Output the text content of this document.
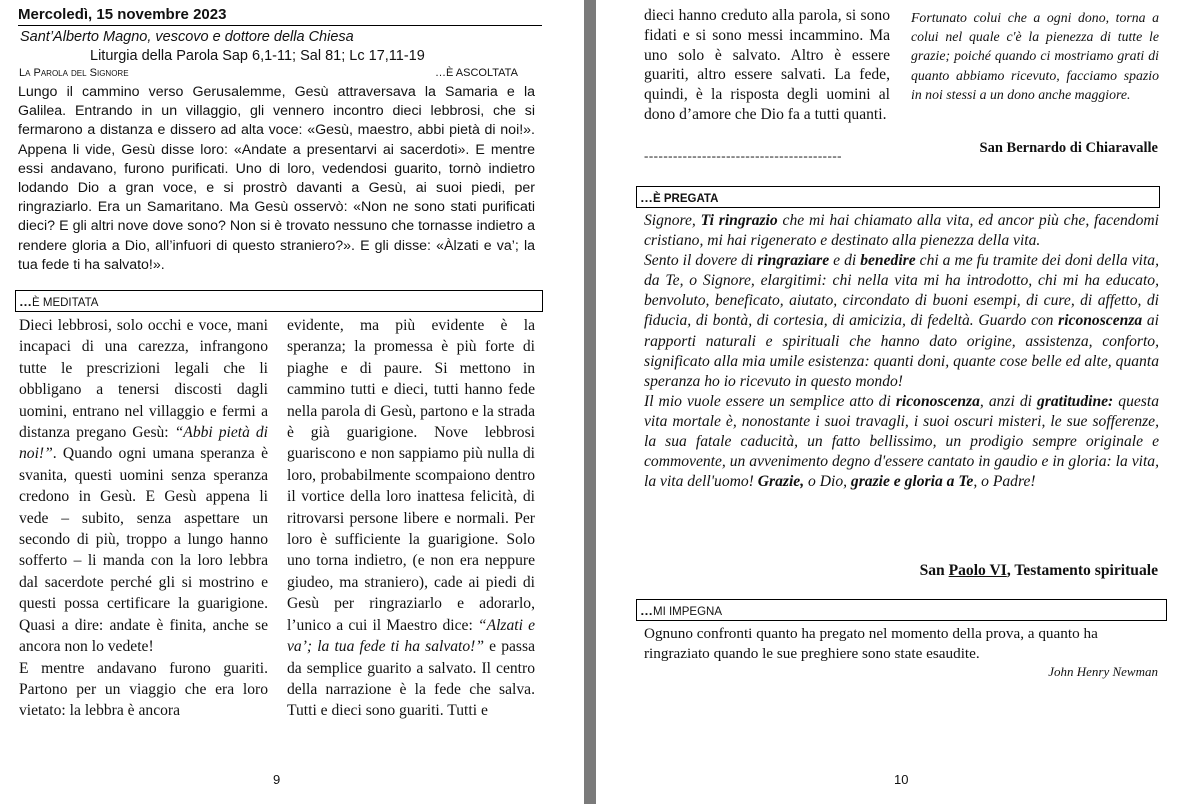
Mercoledì, 15 novembre 2023
Sant’Alberto Magno, vescovo e dottore della Chiesa
Liturgia della Parola Sap 6,1-11; Sal 81; Lc 17,11-19
La Parola del Signore	…È ASCOLTATA

Lungo il cammino verso Gerusalemme, Gesù attraversava la Samaria e la Galilea. Entrando in un villaggio, gli vennero incontro dieci lebbrosi, che si fermarono a distanza e dissero ad alta voce: «Gesù, maestro, abbi pietà di noi!». Appena li vide, Gesù disse loro: «Andate a presentarvi ai sacerdoti». E mentre essi andavano, furono purificati. Uno di loro, vedendosi guarito, tornò indietro lodando Dio a gran voce, e si prostrò davanti a Gesù, ai suoi piedi, per ringraziarlo. Era un Samaritano. Ma Gesù osservò: «Non ne sono stati purificati dieci? E gli altri nove dove sono? Non si è trovato nessuno che tornasse indietro a rendere gloria a Dio, all’infuori di questo straniero?». E gli disse: «Àlzati e va’; la tua fede ti ha salvato!».

…È MEDITATA

Dieci lebbrosi, solo occhi e voce, mani incapaci di una carezza, infrangono tutte le prescrizioni legali che li obbligano a tenersi discosti dagli uomini, entrano nel villaggio e fermi a distanza pregano Gesù: “Abbi pietà di noi!”. Quando ogni umana speranza è svanita, questi uomini senza speranza credono in Gesù. E Gesù appena li vede – subito, senza aspettare un secondo di più, troppo a lungo hanno sofferto – li manda con la loro lebbra dal sacerdote perché gli si mostrino e questi possa certificare la guarigione. Quasi a dire: andate è finita, anche se ancora non lo vedete!

E mentre andavano furono guariti. Partono per un viaggio che era loro vietato: la lebbra è ancora

evidente, ma più evidente è la speranza; la promessa è più forte di piaghe e di paure. Si mettono in cammino tutti e dieci, tutti hanno fede nella parola di Gesù, partono e la strada è già guarigione. Nove lebbrosi guariscono e non sappiamo più nulla di loro, probabilmente scompaiono dentro il vortice della loro inattesa felicità, di ritrovarsi persone libere e normali. Per loro è sufficiente la guarigione. Solo uno torna indietro, (e non era neppure giudeo, ma straniero), cade ai piedi di Gesù per ringraziarlo e adorarlo, l’unico a cui il Maestro dice: “Alzati e va’; la tua fede ti ha salvato!” e passa da semplice guarito a salvato. Il centro della narrazione è la fede che salva. Tutti e dieci sono guariti. Tutti e

9

dieci hanno creduto alla parola, si sono fidati e si sono messi incammino. Ma uno solo è salvato. Altro è essere guariti, altro essere salvati. La fede, quindi, è la risposta degli uomini al dono d’amore che Dio fa a tutti quanti.

-----------------------------------------

Fortunato colui che a ogni dono, torna a colui nel quale c'è la pienezza di tutte le grazie; poiché quando ci mostriamo grati di quanto abbiamo ricevuto, facciamo spazio in noi stessi a un dono anche maggiore.

San Bernardo di Chiaravalle
…È PREGATA

Signore, Ti ringrazio che mi hai chiamato alla vita, ed ancor più che, facendomi cristiano, mi hai rigenerato e destinato alla pienezza della vita.

Sento il dovere di ringraziare e di benedire chi a me fu tramite dei doni della vita, da Te, o Signore, elargitimi: chi nella vita mi ha introdotto, chi mi ha educato, benvoluto, beneficato, aiutato, circondato di buoni esempi, di cure, di affetto, di fiducia, di bontà, di cortesia, di amicizia, di fedeltà. Guardo con riconoscenza ai rapporti naturali e spirituali che hanno dato origine, assistenza, conforto, significato alla mia umile esistenza: quanti doni, quante cose belle ed alte, quanta speranza ho io ricevuto in questo mondo!

Il mio vuole essere un semplice atto di riconoscenza, anzi di gratitudine: questa vita mortale è, nonostante i suoi travagli, i suoi oscuri misteri, le sue sofferenze, la sua fatale caducità, un fatto bellissimo, un prodigio sempre originale e commovente, un avvenimento degno d'essere cantato in gaudio e in gloria: la vita, la vita dell'uomo! Grazie, o Dio, grazie e gloria a Te, o Padre!

San Paolo VI, Testamento spirituale
…MI IMPEGNA

Ognuno confronti quanto ha pregato nel momento della prova, a quanto ha ringraziato quando le sue preghiere sono state esaudite.

John Henry Newman
10
